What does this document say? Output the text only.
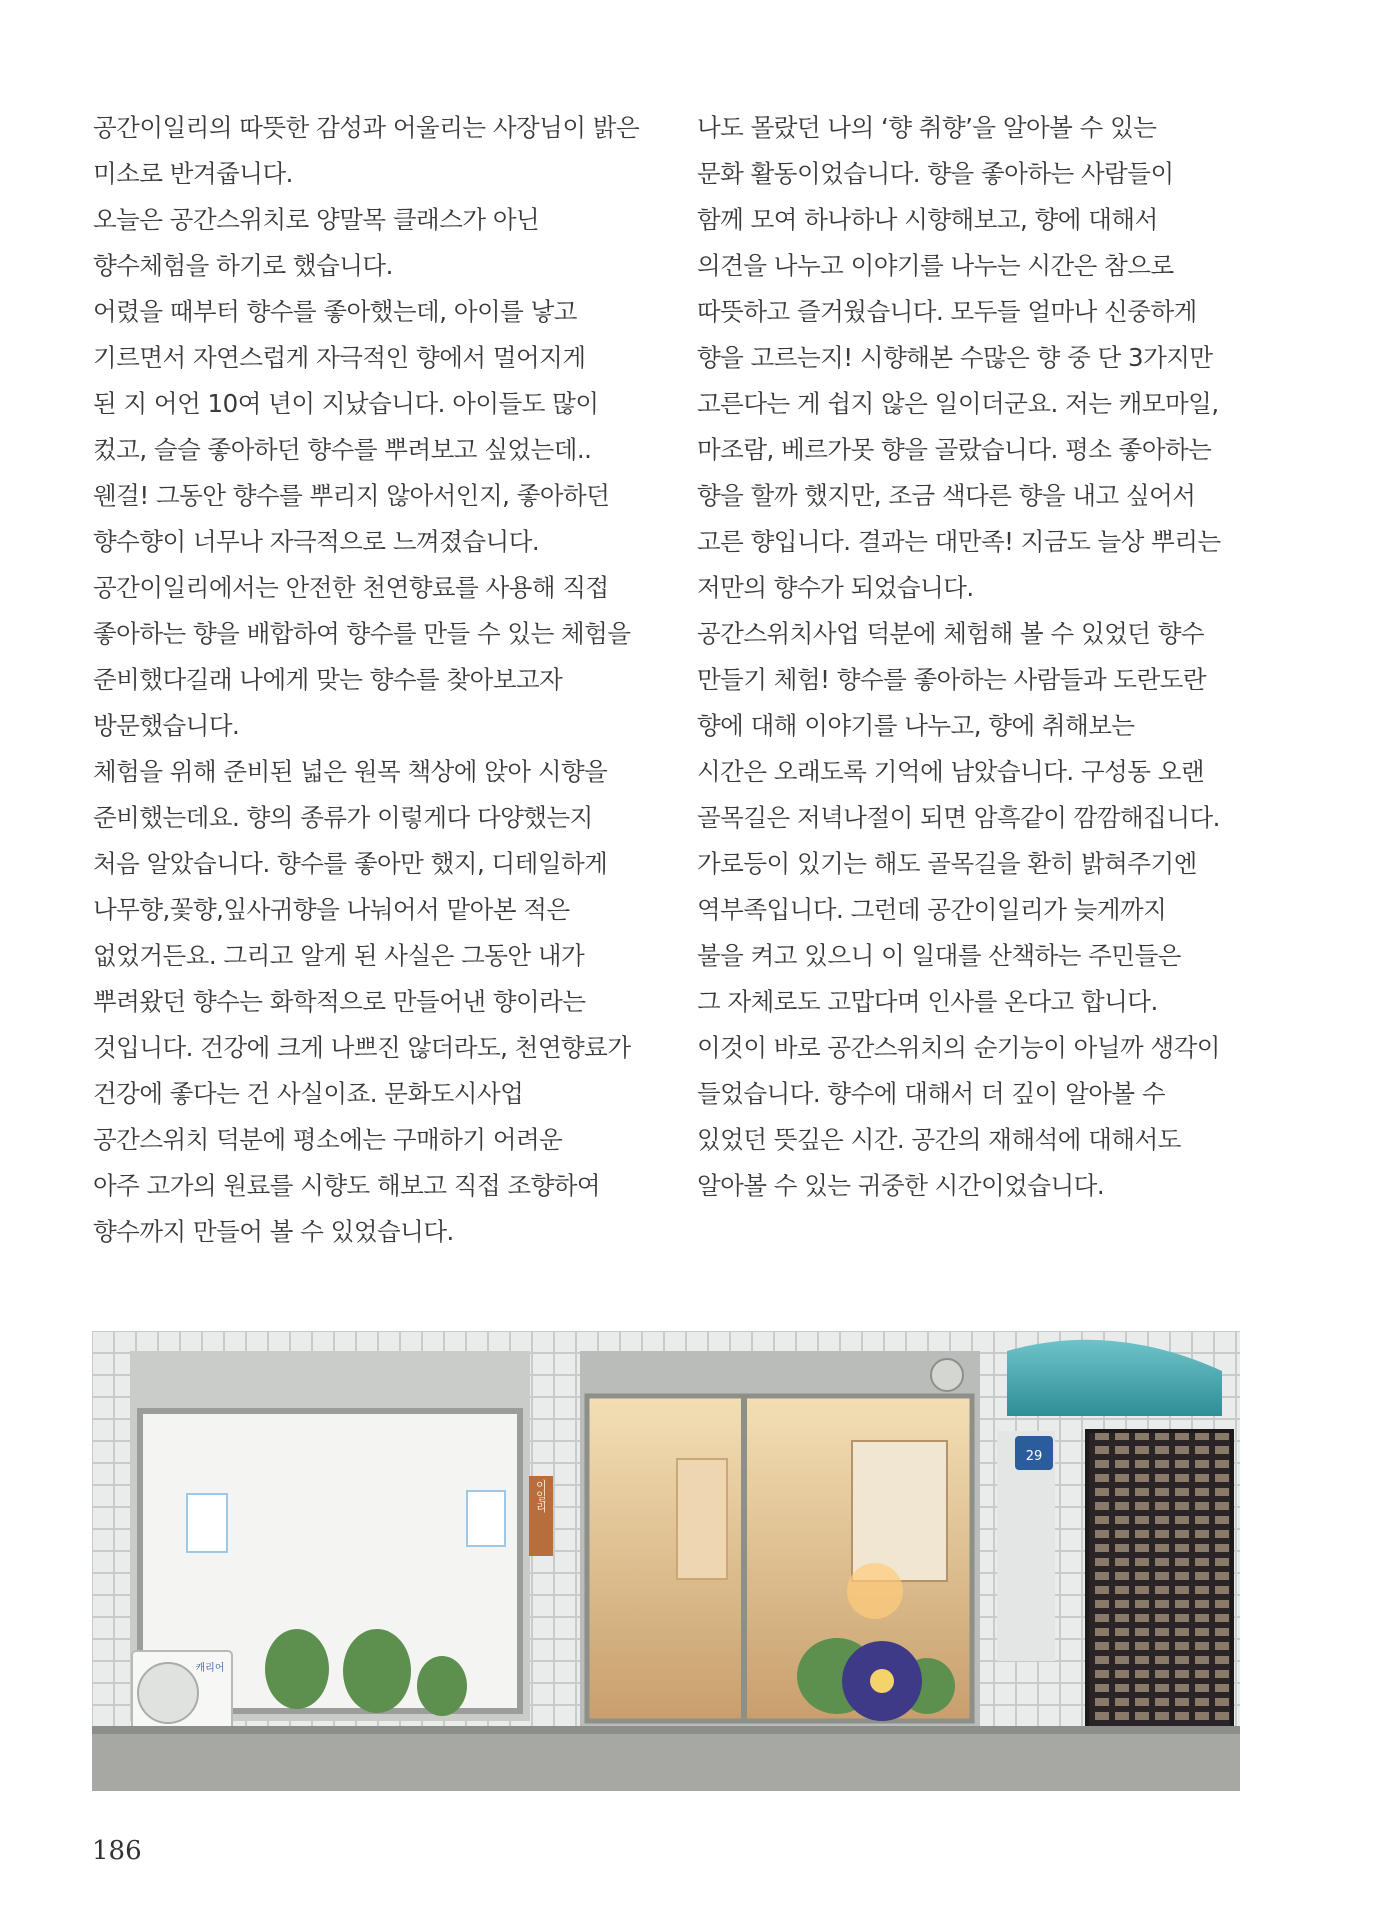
공간이일리의 따뜻한 감성과 어울리는 사장님이 밝은
미소로 반겨줍니다.
오늘은 공간스위치로 양말목 클래스가 아닌
향수체험을 하기로 했습니다.
어렸을 때부터 향수를 좋아했는데, 아이를 낳고
기르면서 자연스럽게 자극적인 향에서 멀어지게
된 지 어언 10여 년이 지났습니다. 아이들도 많이
컸고, 슬슬 좋아하던 향수를 뿌려보고 싶었는데..
웬걸! 그동안 향수를 뿌리지 않아서인지, 좋아하던
향수향이 너무나 자극적으로 느껴졌습니다.
공간이일리에서는 안전한 천연향료를 사용해 직접
좋아하는 향을 배합하여 향수를 만들 수 있는 체험을
준비했다길래 나에게 맞는 향수를 찾아보고자
방문했습니다.
체험을 위해 준비된 넓은 원목 책상에 앉아 시향을
준비했는데요. 향의 종류가 이렇게다 다양했는지
처음 알았습니다. 향수를 좋아만 했지, 디테일하게
나무향,꽃향,잎사귀향을 나눠어서 맡아본 적은
없었거든요. 그리고 알게 된 사실은 그동안 내가
뿌려왔던 향수는 화학적으로 만들어낸 향이라는
것입니다. 건강에 크게 나쁘진 않더라도, 천연향료가
건강에 좋다는 건 사실이죠. 문화도시사업
공간스위치 덕분에 평소에는 구매하기 어려운
아주 고가의 원료를 시향도 해보고 직접 조향하여
향수까지 만들어 볼 수 있었습니다.
나도 몰랐던 나의 ‘향 취향’을 알아볼 수 있는
문화 활동이었습니다. 향을 좋아하는 사람들이
함께 모여 하나하나 시향해보고, 향에 대해서
의견을 나누고 이야기를 나누는 시간은 참으로
따뜻하고 즐거웠습니다. 모두들 얼마나 신중하게
향을 고르는지! 시향해본 수많은 향 중 단 3가지만
고른다는 게 쉽지 않은 일이더군요. 저는 캐모마일,
마조람, 베르가못 향을 골랐습니다. 평소 좋아하는
향을 할까 했지만, 조금 색다른 향을 내고 싶어서
고른 향입니다. 결과는 대만족! 지금도 늘상 뿌리는
저만의 향수가 되었습니다.
공간스위치사업 덕분에 체험해 볼 수 있었던 향수
만들기 체험! 향수를 좋아하는 사람들과 도란도란
향에 대해 이야기를 나누고, 향에 취해보는
시간은 오래도록 기억에 남았습니다. 구성동 오랜
골목길은 저녁나절이 되면 암흑같이 깜깜해집니다.
가로등이 있기는 해도 골목길을 환히 밝혀주기엔
역부족입니다. 그런데 공간이일리가 늦게까지
불을 켜고 있으니 이 일대를 산책하는 주민들은
그 자체로도 고맙다며 인사를 온다고 합니다.
이것이 바로 공간스위치의 순기능이 아닐까 생각이
들었습니다. 향수에 대해서 더 깊이 알아볼 수
있었던 뜻깊은 시간. 공간의 재해석에 대해서도
알아볼 수 있는 귀중한 시간이었습니다.
이일리
29
캐리어
186
